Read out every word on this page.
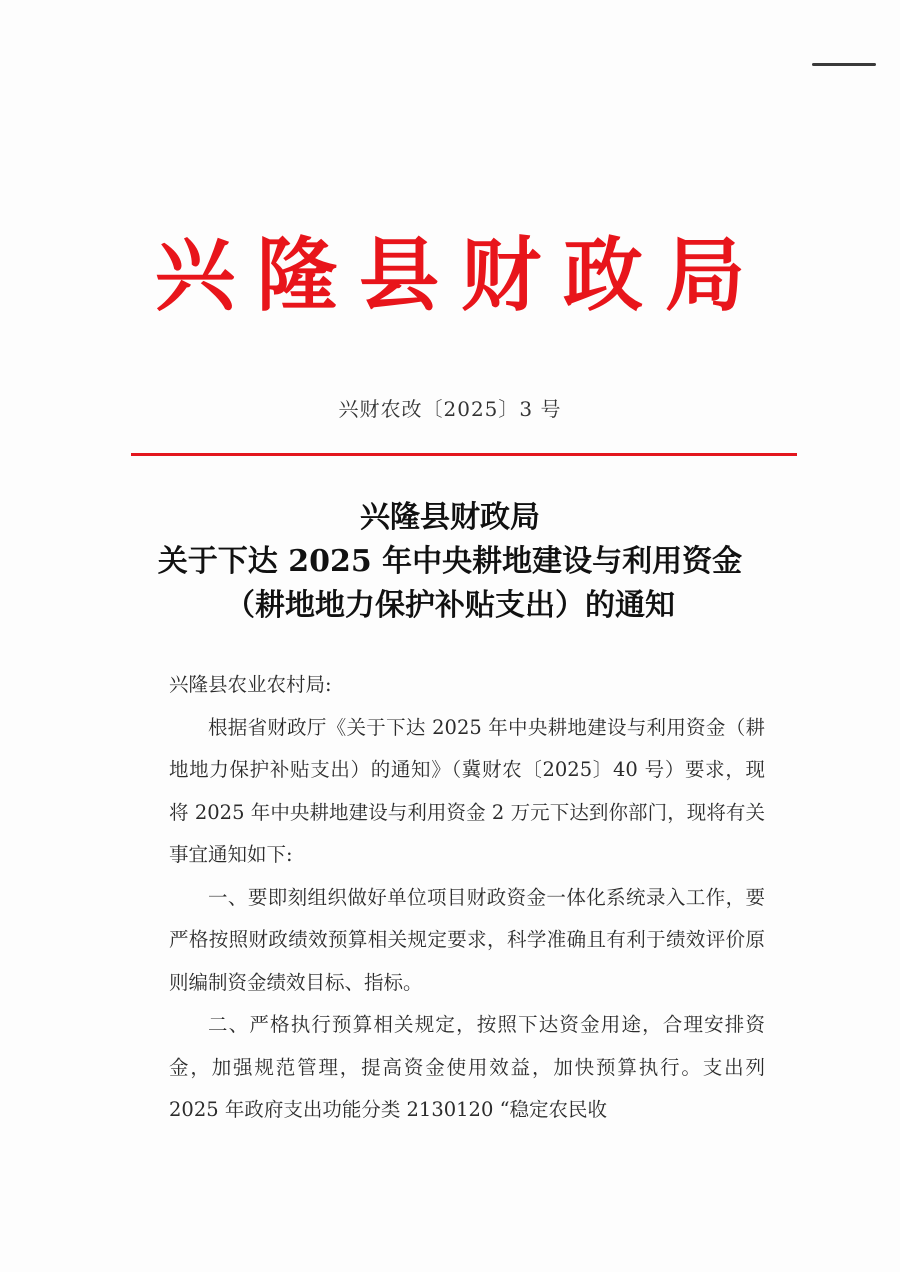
兴隆县财政局
兴财农改〔2025〕3 号
兴隆县财政局
关于下达 2025 年中央耕地建设与利用资金
（耕地地力保护补贴支出）的通知

兴隆县农业农村局:

根据省财政厅《关于下达 2025 年中央耕地建设与利用资金（耕地地力保护补贴支出）的通知》（冀财农〔2025〕40 号）要求，现将 2025 年中央耕地建设与利用资金 2 万元下达到你部门，现将有关事宜通知如下:

一、要即刻组织做好单位项目财政资金一体化系统录入工作，要严格按照财政绩效预算相关规定要求，科学准确且有利于绩效评价原则编制资金绩效目标、指标。

二、严格执行预算相关规定，按照下达资金用途，合理安排资金，加强规范管理，提高资金使用效益，加快预算执行。支出列 2025 年政府支出功能分类 2130120 “稳定农民收
